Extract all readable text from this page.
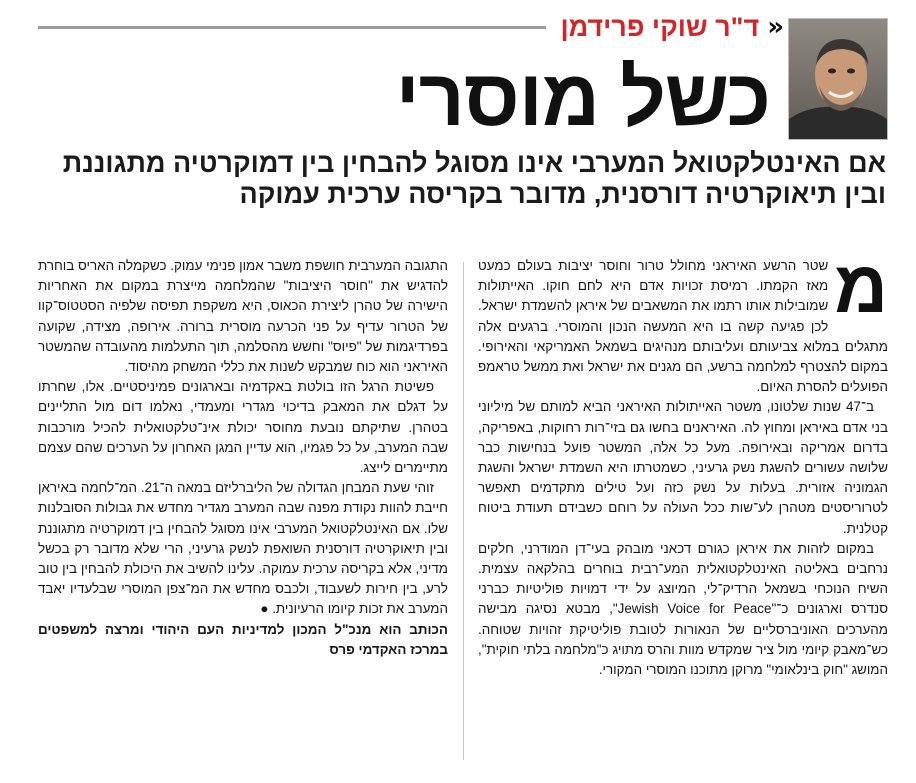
«
ד"ר שוקי פרידמן
כשל מוסרי
אם האינטלקטואל המערבי אינו מסוגל להבחין בין דמוקרטיה מתגוננת ובין תיאוקרטיה דורסנית, מדובר בקריסה ערכית עמוקה
מ

שטר הרשע האיראני מחולל טרור וחוסר יציבות בעולם כמעט מאז הקמתו. רמיסת זכויות אדם היא לחם חוקו. האייתולות שמובילות אותו רתמו את המשאבים של איראן להשמדת ישראל. לכן פגיעה קשה בו היא המעשה הנכון והמוסרי. ברגעים אלה מתגלים במלוא צביעותם ועליבותם מנהיגים בשמאל האמריקאי והאירופי. במקום להצטרף למלחמה ברשע, הם מגנים את ישראל ואת ממשל טראמפ הפועלים להסרת האיום.

ב־47 שנות שלטונו, משטר האייתולות האיראני הביא למותם של מיליוני בני אדם באיראן ומחוץ לה. האיראנים בחשו גם בזי־רות רחוקות, באפריקה, בדרום אמריקה ובאירופה. מעל כל אלה, המשטר פועל בנחישות כבר שלושה עשורים להשגת נשק גרעיני, כשמטרתו היא השמדת ישראל והשגת הגמוניה אזורית. בעלות על נשק כזה ועל טילים מתקדמים תאפשר לטרוריסטים מטהרן לע־שות ככל העולה על רוחם כשבידם תעודת ביטוח קטלנית.

במקום לזהות את איראן כגורם דכאני מובהק בעי־דן המודרני, חלקים נרחבים באליטה האינטלקטואלית המע־רבית בוחרים בהלקאה עצמית. השיח הנוכחי בשמאל הרדיק־לי, המיוצג על ידי דמויות פוליטיות כברני סנדרס וארגונים כ־"Jewish Voice for Peace", מבטא נסיגה מבישה מהערכים האוניברסליים של הנאורות לטובת פוליטיקת זהויות שטוחה. כש־מאבק קיומי מול ציר שמקדש מוות והרס מתויג כ"מלחמה בלתי חוקית", המושג "חוק בינלאומי" מרוקן מתוכנו המוסרי המקורי.

התגובה המערבית חושפת משבר אמון פנימי עמוק. כשקמלה האריס בוחרת להדגיש את "חוסר היציבות" שהמלחמה מייצרת במקום את האחריות הישירה של טהרן ליצירת הכאוס, היא משקפת תפיסה שלפיה הסטטוס־קוו של הטרור עדיף על פני הכרעה מוסרית ברורה. אירופה, מצידה, שקועה בפרדיגמות של "פיוס" וחשש מהסלמה, תוך התעלמות מהעובדה שהמשטר האיראני הוא כוח שמבקש לשנות את כללי המשחק מהיסוד.

פשיטת הרגל הזו בולטת באקדמיה ובארגונים פמיניסטיים. אלו, שחרתו על דגלם את המאבק בדיכוי מגדרי ומעמדי, נאלמו דום מול התליינים בטהרן. שתיקתם נובעת מחוסר יכולת אינ־טלקטואלית להכיל מורכבות שבה המערב, על כל פגמיו, הוא עדיין המגן האחרון על הערכים שהם עצמם מתיימרים לייצג.

זוהי שעת המבחן הגדולה של הליברליזם במאה ה־21. המ־לחמה באיראן חייבת להוות נקודת מפנה שבה המערב מגדיר מחדש את גבולות הסובלנות שלו. אם האינטלקטואל המערבי אינו מסוגל להבחין בין דמוקרטיה מתגוננת ובין תיאוקרטיה דורסנית השואפת לנשק גרעיני, הרי שלא מדובר רק בכשל מדיני, אלא בקריסה ערכית עמוקה. עלינו להשיב את היכולת להבחין בין טוב לרע, בין חירות לשעבוד, ולכבס מחדש את המ־צפן המוסרי שבלעדיו יאבד המערב את זכות קיומו הרעיונית. ●

הכותב הוא מנכ"ל המכון למדיניות העם היהודי ומרצה למשפטים במרכז האקדמי פרס
